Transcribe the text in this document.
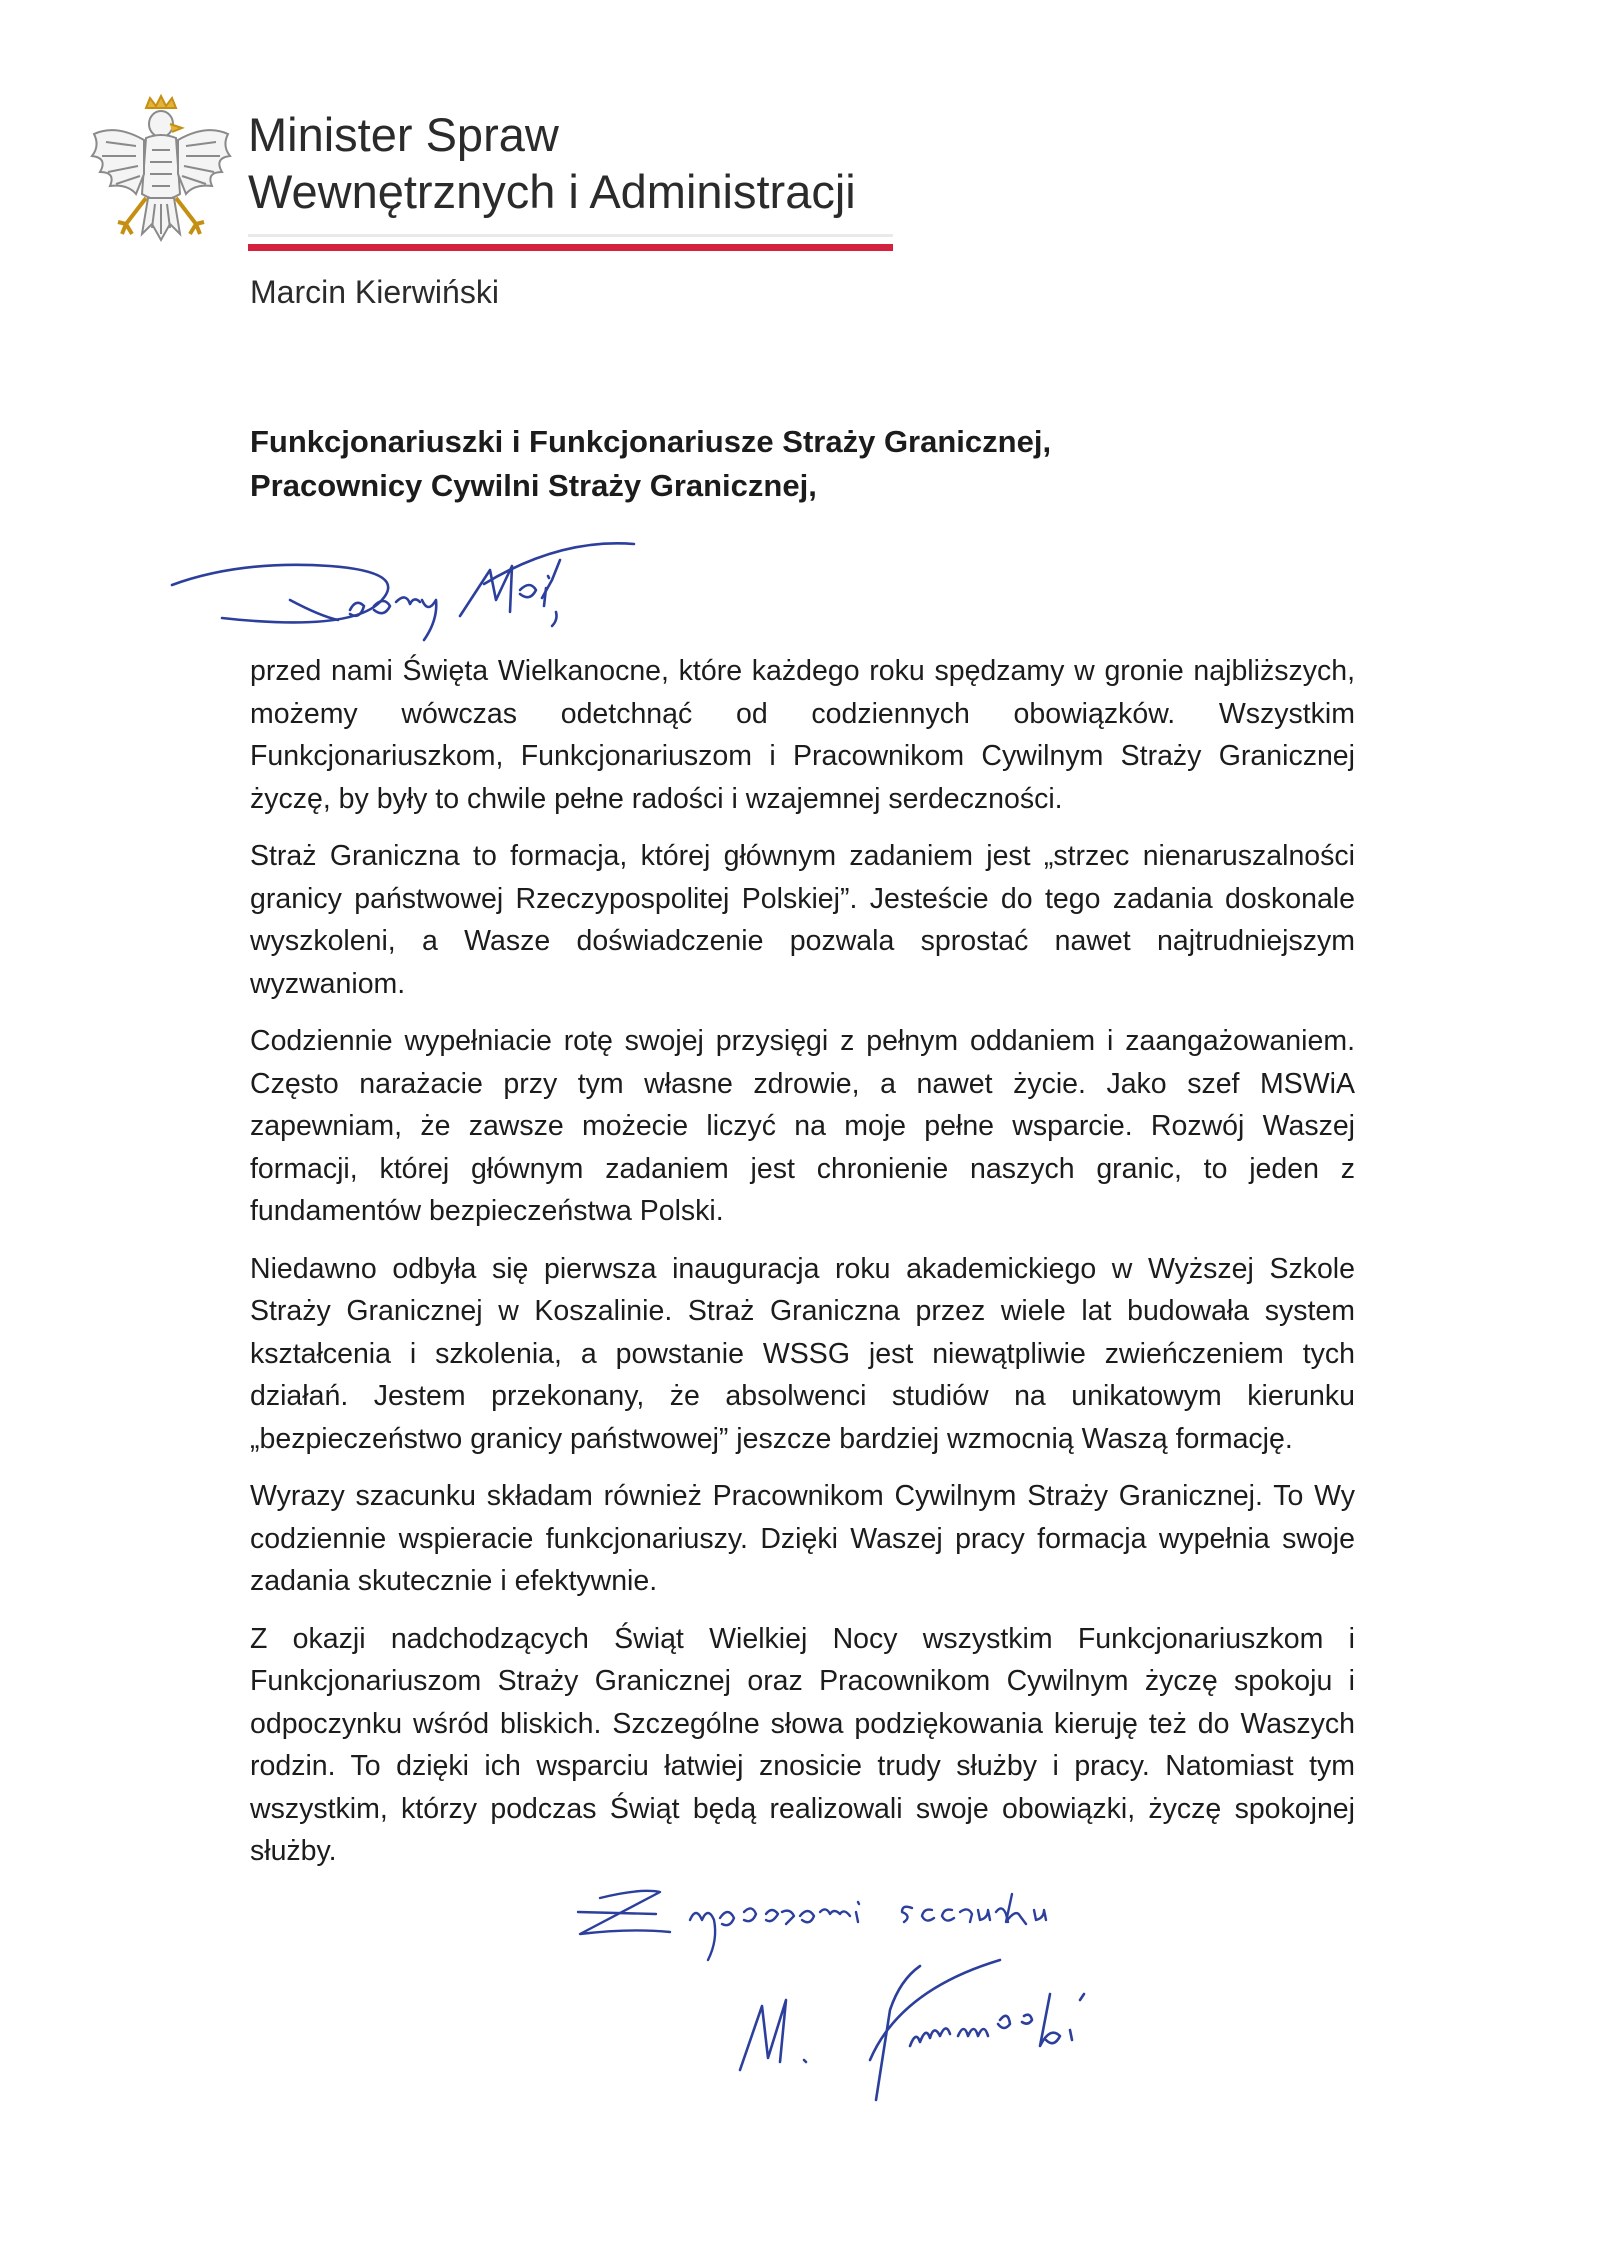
Minister Spraw
Wewnętrznych i Administracji
Marcin Kierwiński
Funkcjonariuszki i Funkcjonariusze Straży Granicznej,
Pracownicy Cywilni Straży Granicznej,

przed nami Święta Wielkanocne, które każdego roku spędzamy w gronie najbliższych, możemy wówczas odetchnąć od codziennych obowiązków. Wszystkim Funkcjonariuszkom, Funkcjonariuszom i Pracownikom Cywilnym Straży Granicznej życzę, by były to chwile pełne radości i wzajemnej serdeczności.

Straż Graniczna to formacja, której głównym zadaniem jest „strzec nienaruszalności granicy państwowej Rzeczypospolitej Polskiej”. Jesteście do tego zadania doskonale wyszkoleni, a Wasze doświadczenie pozwala sprostać nawet najtrudniejszym wyzwaniom.

Codziennie wypełniacie rotę swojej przysięgi z pełnym oddaniem i zaangażowaniem. Często narażacie przy tym własne zdrowie, a nawet życie. Jako szef MSWiA zapewniam, że zawsze możecie liczyć na moje pełne wsparcie. Rozwój Waszej formacji, której głównym zadaniem jest chronienie naszych granic, to jeden z fundamentów bezpieczeństwa Polski.

Niedawno odbyła się pierwsza inauguracja roku akademickiego w Wyższej Szkole Straży Granicznej w Koszalinie. Straż Graniczna przez wiele lat budowała system kształcenia i szkolenia, a powstanie WSSG jest niewątpliwie zwieńczeniem tych działań. Jestem przekonany, że absolwenci studiów na unikatowym kierunku „bezpieczeństwo granicy państwowej” jeszcze bardziej wzmocnią Waszą formację.

Wyrazy szacunku składam również Pracownikom Cywilnym Straży Granicznej. To Wy codziennie wspieracie funkcjonariuszy. Dzięki Waszej pracy formacja wypełnia swoje zadania skutecznie i efektywnie.

Z okazji nadchodzących Świąt Wielkiej Nocy wszystkim Funkcjonariuszkom i Funkcjonariuszom Straży Granicznej oraz Pracownikom Cywilnym życzę spokoju i odpoczynku wśród bliskich. Szczególne słowa podziękowania kieruję też do Waszych rodzin. To dzięki ich wsparciu łatwiej znosicie trudy służby i pracy. Natomiast tym wszystkim, którzy podczas Świąt będą realizowali swoje obowiązki, życzę spokojnej służby.
